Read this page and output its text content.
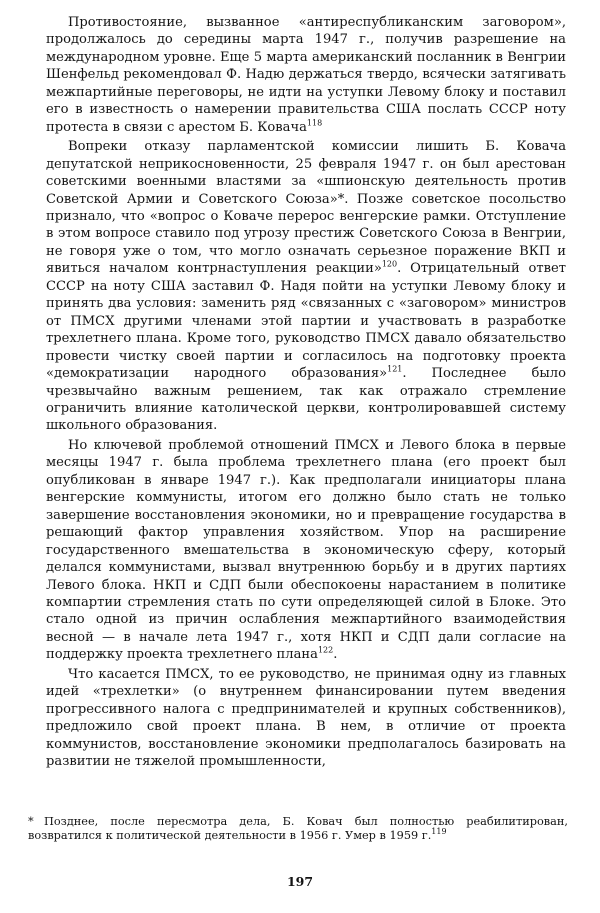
Противостояние, вызванное «антиреспубликанским заговором», продолжалось до середины марта 1947 г., получив разрешение на международном уровне. Еще 5 марта американский посланник в Венгрии Шенфельд рекомендовал Ф. Надю держаться твердо, всячески затягивать межпартийные переговоры, не идти на уступки Левому блоку и поставил его в известность о намерении правительства США послать СССР ноту протеста в связи с арестом Б. Ковача$^{118}$

Вопреки отказу парламентской комиссии лишить Б. Ковача депутатской неприкосновенности, 25 февраля 1947 г. он был арестован советскими военными властями за «шпионскую деятельность против Советской Армии и Советского Союза»*. Позже советское посольство признало, что «вопрос о Коваче перерос венгерские рамки. Отступление в этом вопросе ставило под угрозу престиж Советского Союза в Венгрии, не говоря уже о том, что могло означать серьезное поражение ВКП и явиться началом контрнаступления реакции»$^{120}$. Отрицательный ответ СССР на ноту США заставил Ф. Надя пойти на уступки Левому блоку и принять два условия: заменить ряд «связанных с «заговором» министров от ПМСХ другими членами этой партии и участвовать в разработке трехлетнего плана. Кроме того, руководство ПМСХ давало обязательство провести чистку своей партии и согласилось на подготовку проекта «демократизации народного образования»$^{121}$. Последнее было чрезвычайно важным решением, так как отражало стремление ограничить влияние католической церкви, контролировавшей систему школьного образования.

Но ключевой проблемой отношений ПМСХ и Левого блока в первые месяцы 1947 г. была проблема трехлетнего плана (его проект был опубликован в январе 1947 г.). Как предполагали инициаторы плана венгерские коммунисты, итогом его должно было стать не только завершение восстановления экономики, но и превращение государства в решающий фактор управления хозяйством. Упор на расширение государственного вмешательства в экономическую сферу, который делался коммунистами, вызвал внутреннюю борьбу и в других партиях Левого блока. НКП и СДП были обеспокоены нарастанием в политике компартии стремления стать по сути определяющей силой в Блоке. Это стало одной из причин ослабления межпартийного взаимодействия весной — в начале лета 1947 г., хотя НКП и СДП дали согласие на поддержку проекта трехлетнего плана$^{122}$.

Что касается ПМСХ, то ее руководство, не принимая одну из главных идей «трехлетки» (о внутреннем финансировании путем введения прогрессивного налога с предпринимателей и крупных собственников), предложило свой проект плана. В нем, в отличие от проекта коммунистов, восстановление экономики предполагалось базировать на развитии не тяжелой промышленности,

* Позднее, после пересмотра дела, Б. Ковач был полностью реабилитирован, возвратился к политической деятельности в 1956 г. Умер в 1959 г.$^{119}$
197
